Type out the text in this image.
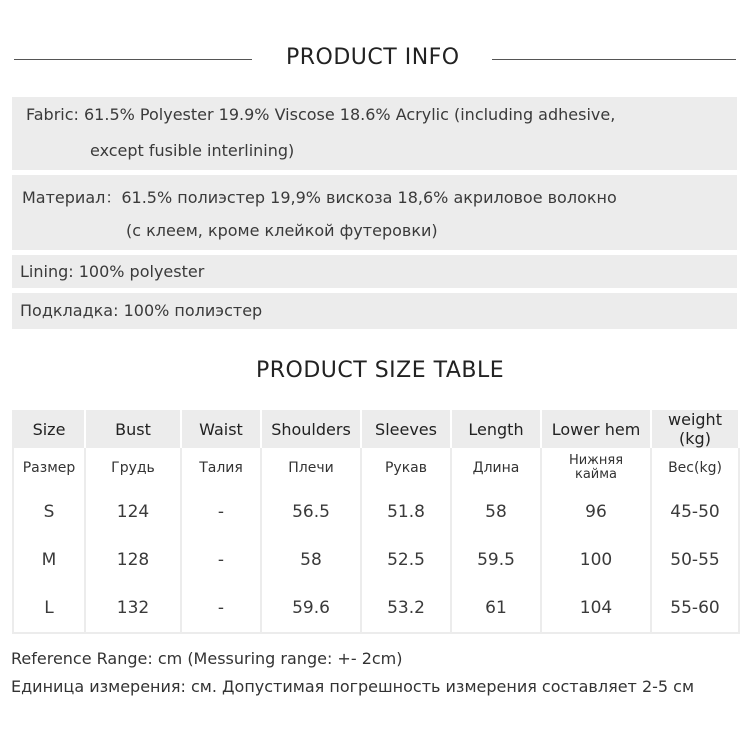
PRODUCT INFO
Fabric: 61.5% Polyester 19.9% Viscose 18.6% Acrylic (including adhesive,
except fusible interlining)
Материал：61.5% полиэстер 19,9% вискоза 18,6% акриловое волокно
(с клеем, кроме клейкой футеровки)
Lining: 100% polyester
Подкладка: 100% полиэстер
PRODUCT SIZE TABLE
Size	Bust	Waist	Shoulders	Sleeves	Length	Lower hem	weight (kg)
Размер	Грудь	Талия	Плечи	Рукав	Длина	Нижняя кайма	Вес(kg)
S	124	-	56.5	51.8	58	96	45-50
M	128	-	58	52.5	59.5	100	50-55
L	132	-	59.6	53.2	61	104	55-60
Reference Range: cm (Messuring range: +- 2cm)
Единица измерения: см. Допустимая погрешность измерения составляет 2-5 см
